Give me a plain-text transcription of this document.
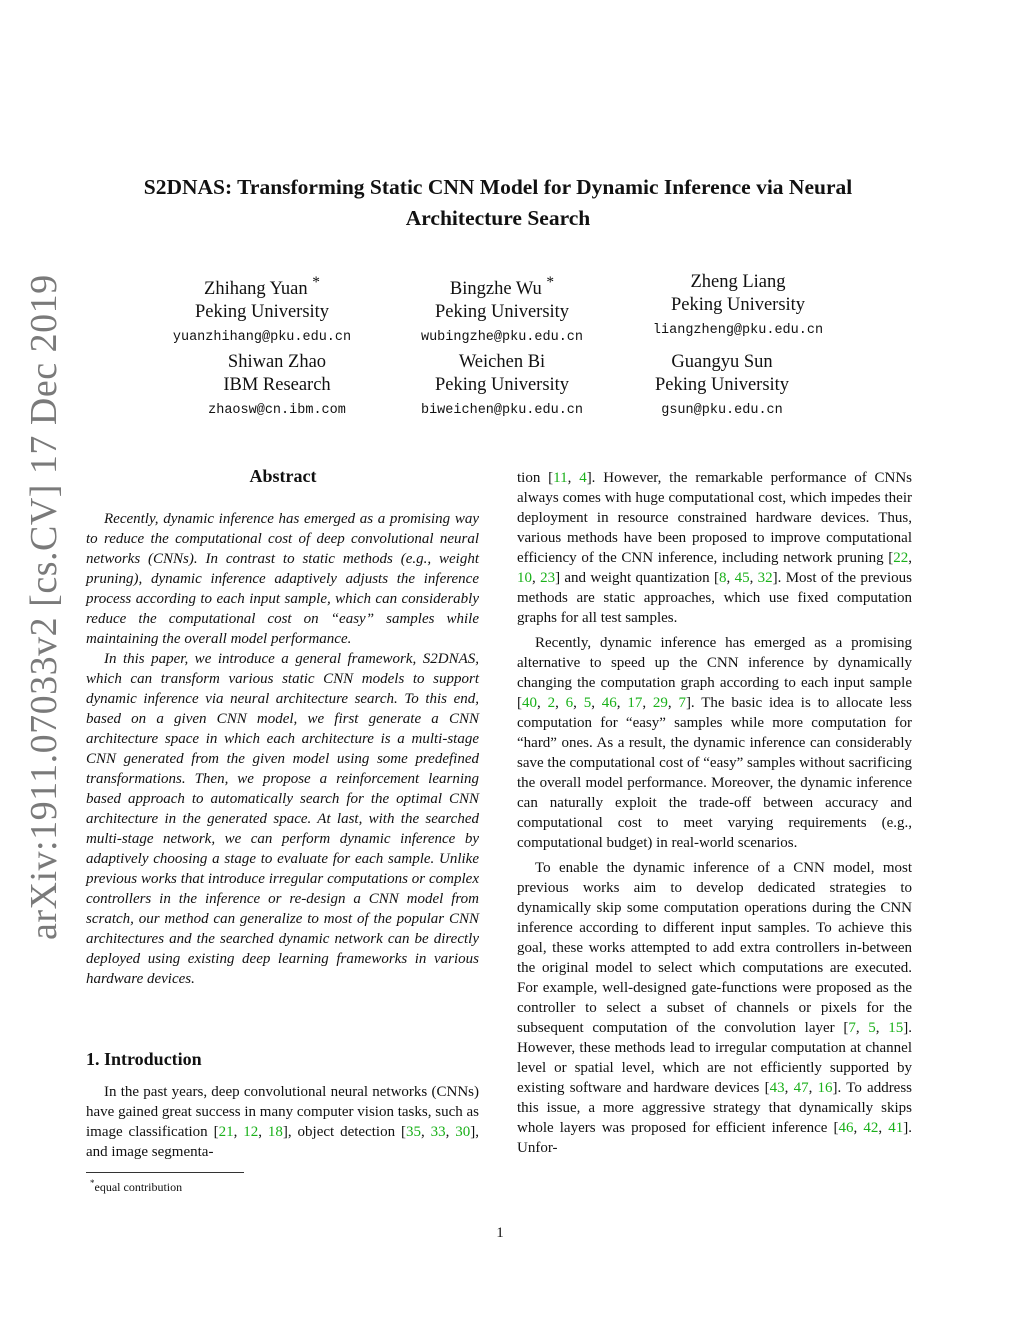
arXiv:1911.07033v2 [cs.CV] 17 Dec 2019
S2DNAS: Transforming Static CNN Model for Dynamic Inference via Neural Architecture Search
Zhihang Yuan *
Peking University
yuanzhihang@pku.edu.cn
Bingzhe Wu *
Peking University
wubingzhe@pku.edu.cn
Zheng Liang
Peking University
liangzheng@pku.edu.cn
Shiwan Zhao
IBM Research
zhaosw@cn.ibm.com
Weichen Bi
Peking University
biweichen@pku.edu.cn
Guangyu Sun
Peking University
gsun@pku.edu.cn
Abstract

Recently, dynamic inference has emerged as a promising way to reduce the computational cost of deep convolutional neural networks (CNNs). In contrast to static methods (e.g., weight pruning), dynamic inference adaptively adjusts the inference process according to each input sample, which can considerably reduce the computational cost on “easy” samples while maintaining the overall model performance.

In this paper, we introduce a general framework, S2DNAS, which can transform various static CNN models to support dynamic inference via neural architecture search. To this end, based on a given CNN model, we first generate a CNN architecture space in which each architecture is a multi-stage CNN generated from the given model using some predefined transformations. Then, we propose a reinforcement learning based approach to automatically search for the optimal CNN architecture in the generated space. At last, with the searched multi-stage network, we can perform dynamic inference by adaptively choosing a stage to evaluate for each sample. Unlike previous works that introduce irregular computations or complex controllers in the inference or re-design a CNN model from scratch, our method can generalize to most of the popular CNN architectures and the searched dynamic network can be directly deployed using existing deep learning frameworks in various hardware devices.

1. Introduction

In the past years, deep convolutional neural networks (CNNs) have gained great success in many computer vision tasks, such as image classification [21, 12, 18], object detection [35, 33, 30], and image segmenta-

tion [11, 4]. However, the remarkable performance of CNNs always comes with huge computational cost, which impedes their deployment in resource constrained hardware devices. Thus, various methods have been proposed to improve computational efficiency of the CNN inference, including network pruning [22, 10, 23] and weight quantization [8, 45, 32]. Most of the previous methods are static approaches, which use fixed computation graphs for all test samples.

Recently, dynamic inference has emerged as a promising alternative to speed up the CNN inference by dynamically changing the computation graph according to each input sample [40, 2, 6, 5, 46, 17, 29, 7]. The basic idea is to allocate less computation for “easy” samples while more computation for “hard” ones. As a result, the dynamic inference can considerably save the computational cost of “easy” samples without sacrificing the overall model performance. Moreover, the dynamic inference can naturally exploit the trade-off between accuracy and computational cost to meet varying requirements (e.g., computational budget) in real-world scenarios.

To enable the dynamic inference of a CNN model, most previous works aim to develop dedicated strategies to dynamically skip some computation operations during the CNN inference according to different input samples. To achieve this goal, these works attempted to add extra controllers in-between the original model to select which computations are executed. For example, well-designed gate-functions were proposed as the controller to select a subset of channels or pixels for the subsequent computation of the convolution layer [7, 5, 15]. However, these methods lead to irregular computation at channel level or spatial level, which are not efficiently supported by existing software and hardware devices [43, 47, 16]. To address this issue, a more aggressive strategy that dynamically skips whole layers was proposed for efficient inference [46, 42, 41]. Unfor-

*equal contribution
1
